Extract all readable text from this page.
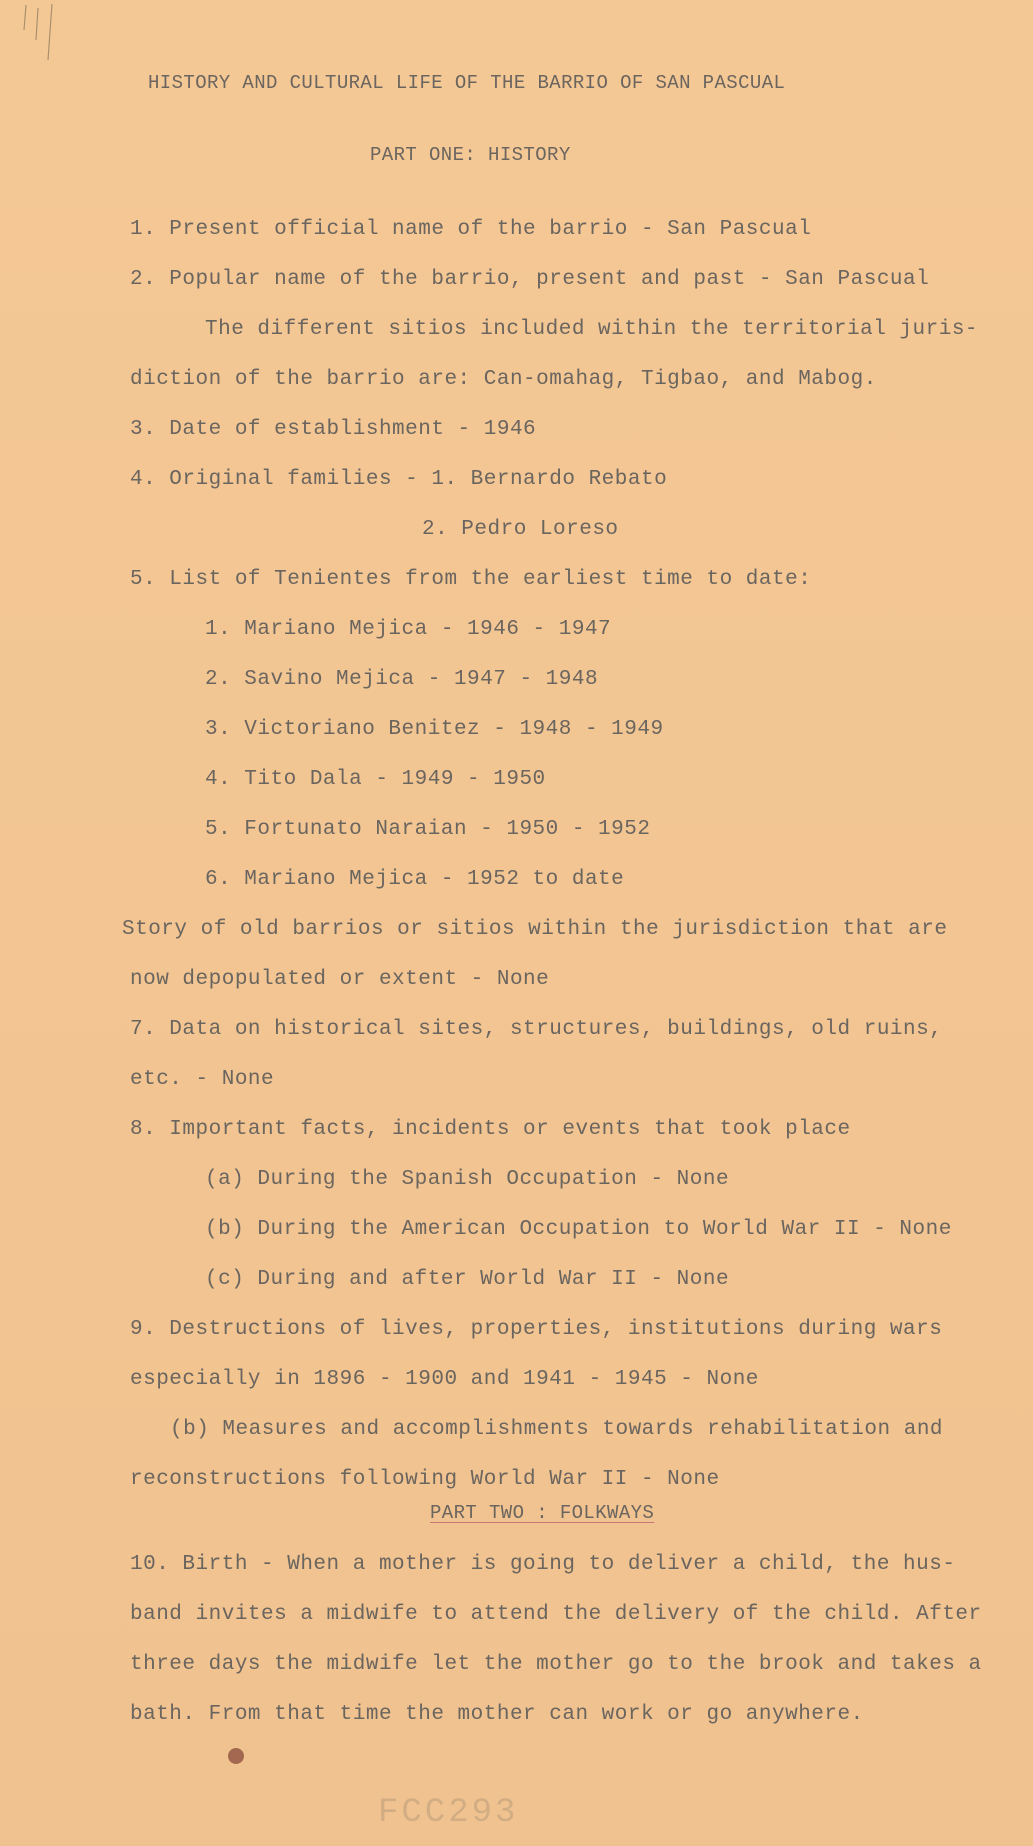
HISTORY AND CULTURAL LIFE OF THE BARRIO OF SAN PASCUAL
PART ONE: HISTORY
1. Present official name of the barrio - San Pascual
2. Popular name of the barrio, present and past - San Pascual
The different sitios included within the territorial juris-
diction of the barrio are: Can-omahag, Tigbao, and Mabog.
3. Date of establishment - 1946
4. Original families - 1. Bernardo Rebato
2. Pedro Loreso
5. List of Tenientes from the earliest time to date:
1. Mariano Mejica - 1946 - 1947
2. Savino Mejica - 1947 - 1948
3. Victoriano Benitez - 1948 - 1949
4. Tito Dala - 1949 - 1950
5. Fortunato Naraian - 1950 - 1952
6. Mariano Mejica - 1952 to date
Story of old barrios or sitios within the jurisdiction that are
now depopulated or extent - None
7. Data on historical sites, structures, buildings, old ruins,
etc. - None
8. Important facts, incidents or events that took place
(a) During the Spanish Occupation - None
(b) During the American Occupation to World War II - None
(c) During and after World War II - None
9. Destructions of lives, properties, institutions during wars
especially in 1896 - 1900 and 1941 - 1945 - None
(b) Measures and accomplishments towards rehabilitation and
reconstructions following World War II - None
PART TWO : FOLKWAYS
10. Birth - When a mother is going to deliver a child, the hus-
band invites a midwife to attend the delivery of the child. After
three days the midwife let the mother go to the brook and takes a
bath. From that time the mother can work or go anywhere.
FCC293
